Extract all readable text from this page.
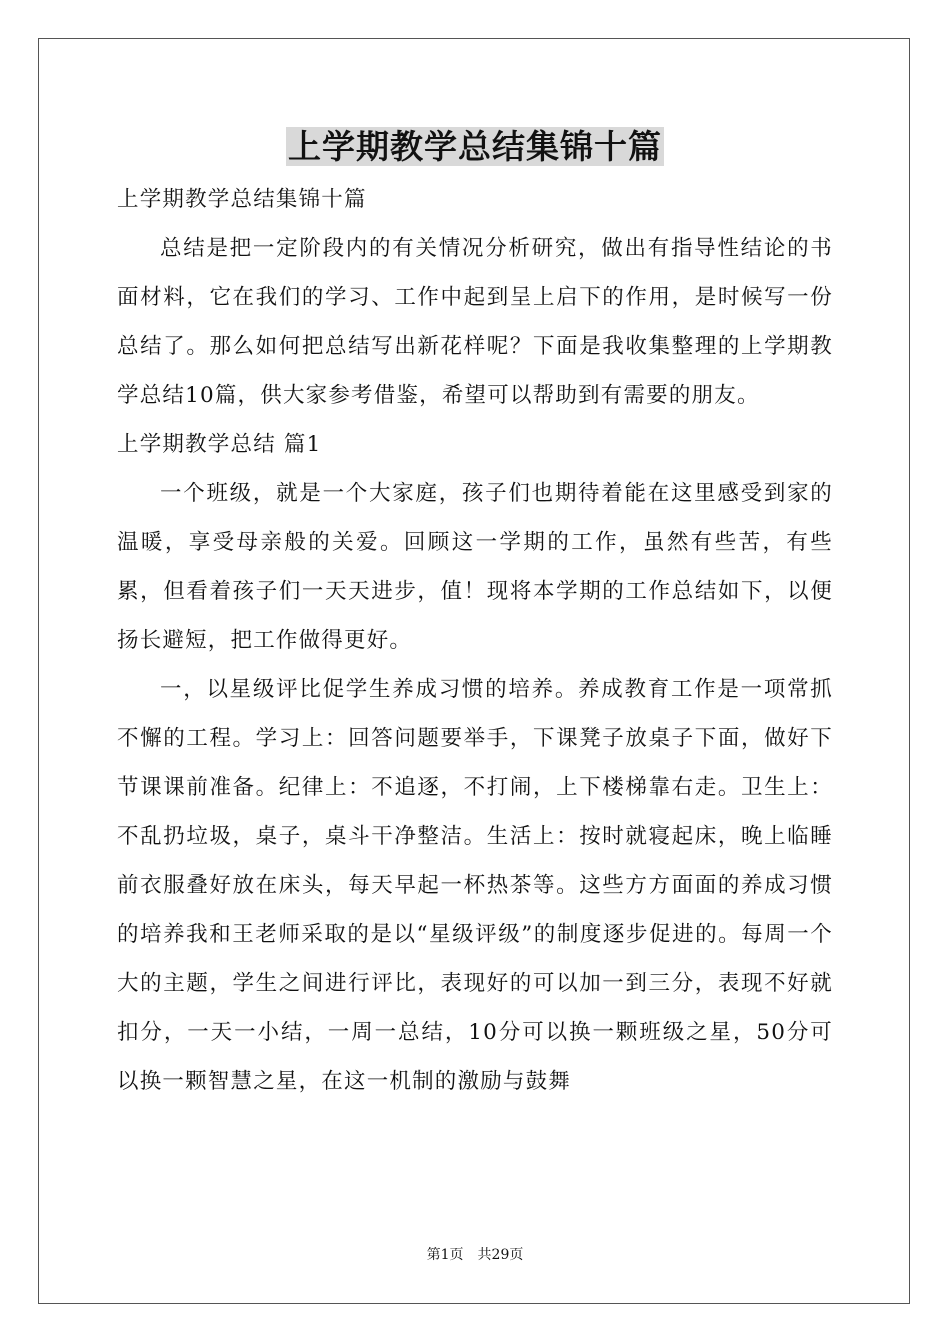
上学期教学总结集锦十篇

上学期教学总结集锦十篇

总结是把一定阶段内的有关情况分析研究，做出有指导性结论的书面材料，它在我们的学习、工作中起到呈上启下的作用，是时候写一份总结了。那么如何把总结写出新花样呢？下面是我收集整理的上学期教学总结10篇，供大家参考借鉴，希望可以帮助到有需要的朋友。

上学期教学总结 篇1

一个班级，就是一个大家庭，孩子们也期待着能在这里感受到家的温暖，享受母亲般的关爱。回顾这一学期的工作，虽然有些苦，有些累，但看着孩子们一天天进步，值！现将本学期的工作总结如下，以便扬长避短，把工作做得更好。

一，以星级评比促学生养成习惯的培养。养成教育工作是一项常抓不懈的工程。学习上：回答问题要举手，下课凳子放桌子下面，做好下节课课前准备。纪律上：不追逐，不打闹，上下楼梯靠右走。卫生上：不乱扔垃圾，桌子，桌斗干净整洁。生活上：按时就寝起床，晚上临睡前衣服叠好放在床头，每天早起一杯热茶等。这些方方面面的养成习惯的培养我和王老师采取的是以“星级评级”的制度逐步促进的。每周一个大的主题，学生之间进行评比，表现好的可以加一到三分，表现不好就扣分，一天一小结，一周一总结，10分可以换一颗班级之星，50分可以换一颗智慧之星，在这一机制的激励与鼓舞

第1页　共29页
